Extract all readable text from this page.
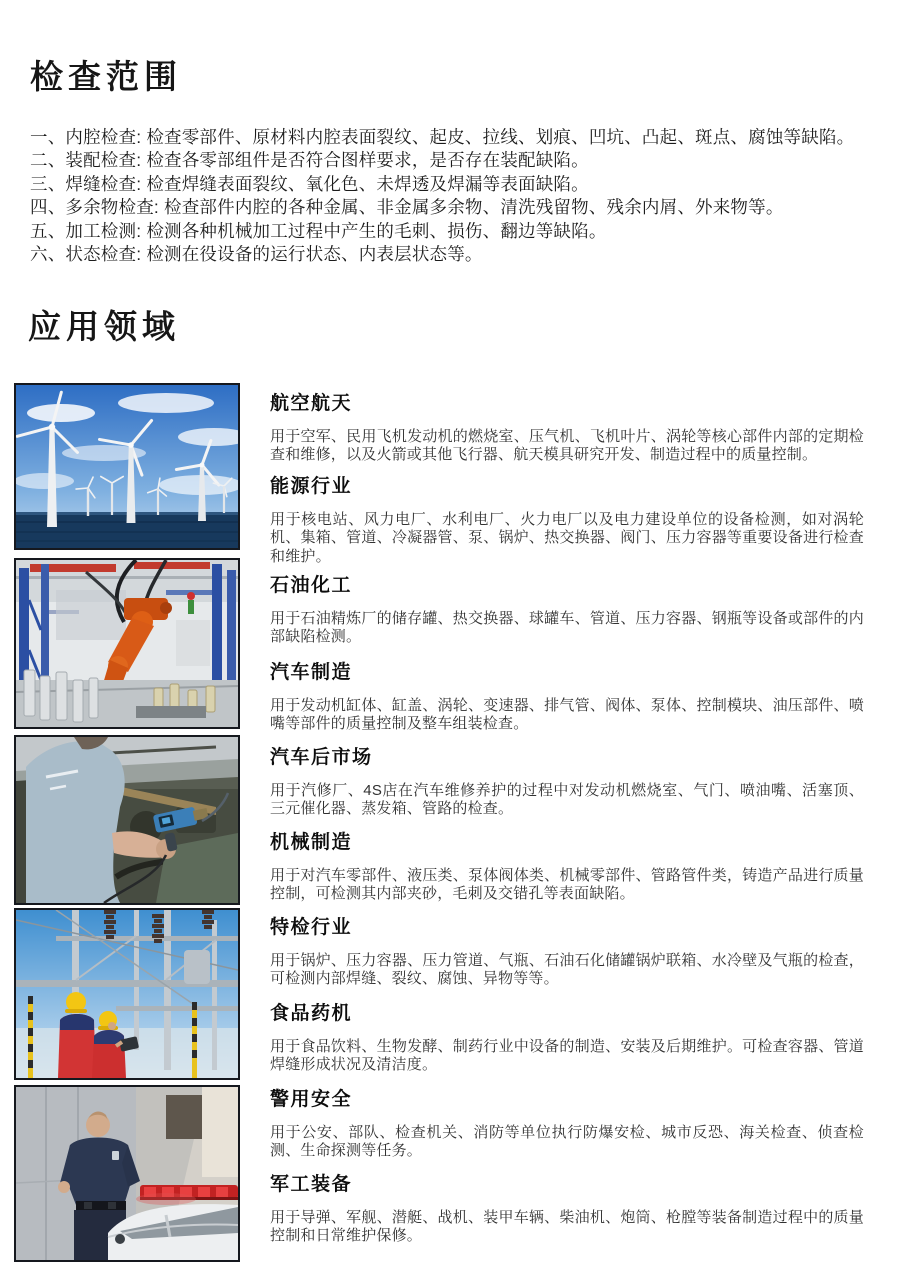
检查范围
一、内腔检查: 检查零部件、原材料内腔表面裂纹、起皮、拉线、划痕、凹坑、凸起、斑点、腐蚀等缺陷。
二、装配检查: 检查各零部组件是否符合图样要求，是否存在装配缺陷。
三、焊缝检查: 检查焊缝表面裂纹、氧化色、未焊透及焊漏等表面缺陷。
四、多余物检查: 检查部件内腔的各种金属、非金属多余物、清洗残留物、残余内屑、外来物等。
五、加工检测: 检测各种机械加工过程中产生的毛刺、损伤、翻边等缺陷。
六、状态检查: 检测在役设备的运行状态、内表层状态等。
应用领域
航空航天

用于空军、民用飞机发动机的燃烧室、压气机、飞机叶片、涡轮等核心部件内部的定期检查和维修，以及火箭或其他飞行器、航天模具研究开发、制造过程中的质量控制。

能源行业

用于核电站、风力电厂、水利电厂、火力电厂以及电力建设单位的设备检测，如对涡轮机、集箱、管道、冷凝器管、泵、锅炉、热交换器、阀门、压力容器等重要设备进行检查和维护。

石油化工

用于石油精炼厂的储存罐、热交换器、球罐车、管道、压力容器、钢瓶等设备或部件的内部缺陷检测。

汽车制造

用于发动机缸体、缸盖、涡轮、变速器、排气管、阀体、泵体、控制模块、油压部件、喷嘴等部件的质量控制及整车组装检查。

汽车后市场

用于汽修厂、4S店在汽车维修养护的过程中对发动机燃烧室、气门、喷油嘴、活塞顶、三元催化器、蒸发箱、管路的检查。

机械制造

用于对汽车零部件、液压类、泵体阀体类、机械零部件、管路管件类，铸造产品进行质量控制，可检测其内部夹砂，毛刺及交错孔等表面缺陷。

特检行业

用于锅炉、压力容器、压力管道、气瓶、石油石化储罐锅炉联箱、水冷壁及气瓶的检查，可检测内部焊缝、裂纹、腐蚀、异物等等。

食品药机

用于食品饮料、生物发酵、制药行业中设备的制造、安装及后期维护。可检查容器、管道焊缝形成状况及清洁度。

警用安全

用于公安、部队、检查机关、消防等单位执行防爆安检、城市反恐、海关检查、侦查检测、生命探测等任务。

军工装备

用于导弹、军舰、潜艇、战机、装甲车辆、柴油机、炮筒、枪膛等装备制造过程中的质量控制和日常维护保修。
